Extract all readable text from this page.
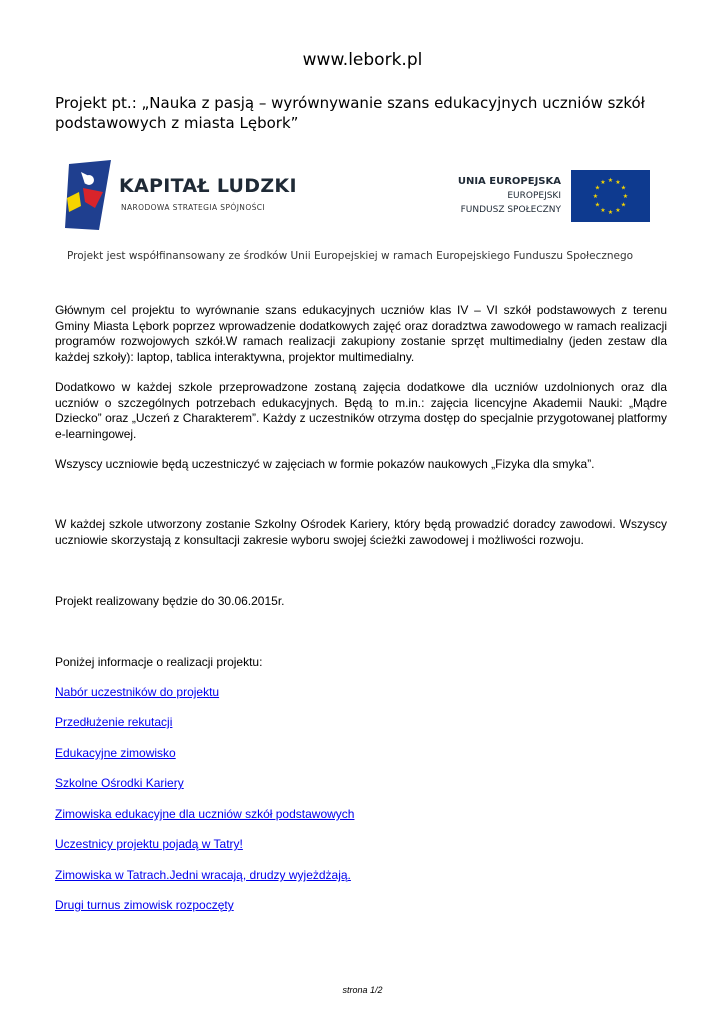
www.lebork.pl
Projekt pt.: „Nauka z pasją – wyrównywanie szans edukacyjnych uczniów szkół podstawowych z miasta Lębork”
KAPITAŁ LUDZKI
NARODOWA STRATEGIA SPÓJNOŚCI
UNIA EUROPEJSKA
EUROPEJSKI
FUNDUSZ SPOŁECZNY
★ ★
★
★
★
★
★
★
★
★
★
★
Projekt jest współfinansowany ze środków Unii Europejskiej w ramach Europejskiego Funduszu Społecznego

Głównym cel projektu to wyrównanie szans edukacyjnych uczniów klas IV – VI szkół podstawowych z terenu Gminy Miasta Lębork poprzez wprowadzenie dodatkowych zajęć oraz doradztwa zawodowego w ramach realizacji programów rozwojowych szkół.W ramach realizacji zakupiony zostanie sprzęt multimedialny (jeden zestaw dla każdej szkoły): laptop, tablica interaktywna, projektor multimedialny.

Dodatkowo w każdej szkole przeprowadzone zostaną zajęcia dodatkowe dla uczniów uzdolnionych oraz dla uczniów o szczególnych potrzebach edukacyjnych. Będą to m.in.: zajęcia licencyjne Akademii Nauki: „Mądre Dziecko” oraz „Uczeń z Charakterem”. Każdy z uczestników otrzyma dostęp do specjalnie przygotowanej platformy e-learningowej.

Wszyscy uczniowie będą uczestniczyć w zajęciach w formie pokazów naukowych „Fizyka dla smyka”.

W każdej szkole utworzony zostanie Szkolny Ośrodek Kariery, który będą prowadzić doradcy zawodowi. Wszyscy uczniowie skorzystają z konsultacji zakresie wyboru swojej ścieżki zawodowej i możliwości rozwoju.

Projekt realizowany będzie do 30.06.2015r.

Poniżej informacje o realizacji projektu:

Nabór uczestników do projektu
Przedłużenie rekutacji
Edukacyjne zimowisko
Szkolne Ośrodki Kariery
Zimowiska edukacyjne dla uczniów szkół podstawowych
Uczestnicy projektu pojadą w Tatry!
Zimowiska w Tatrach.Jedni wracają, drudzy wyjeżdżają.
Drugi turnus zimowisk rozpoczęty
strona 1/2
